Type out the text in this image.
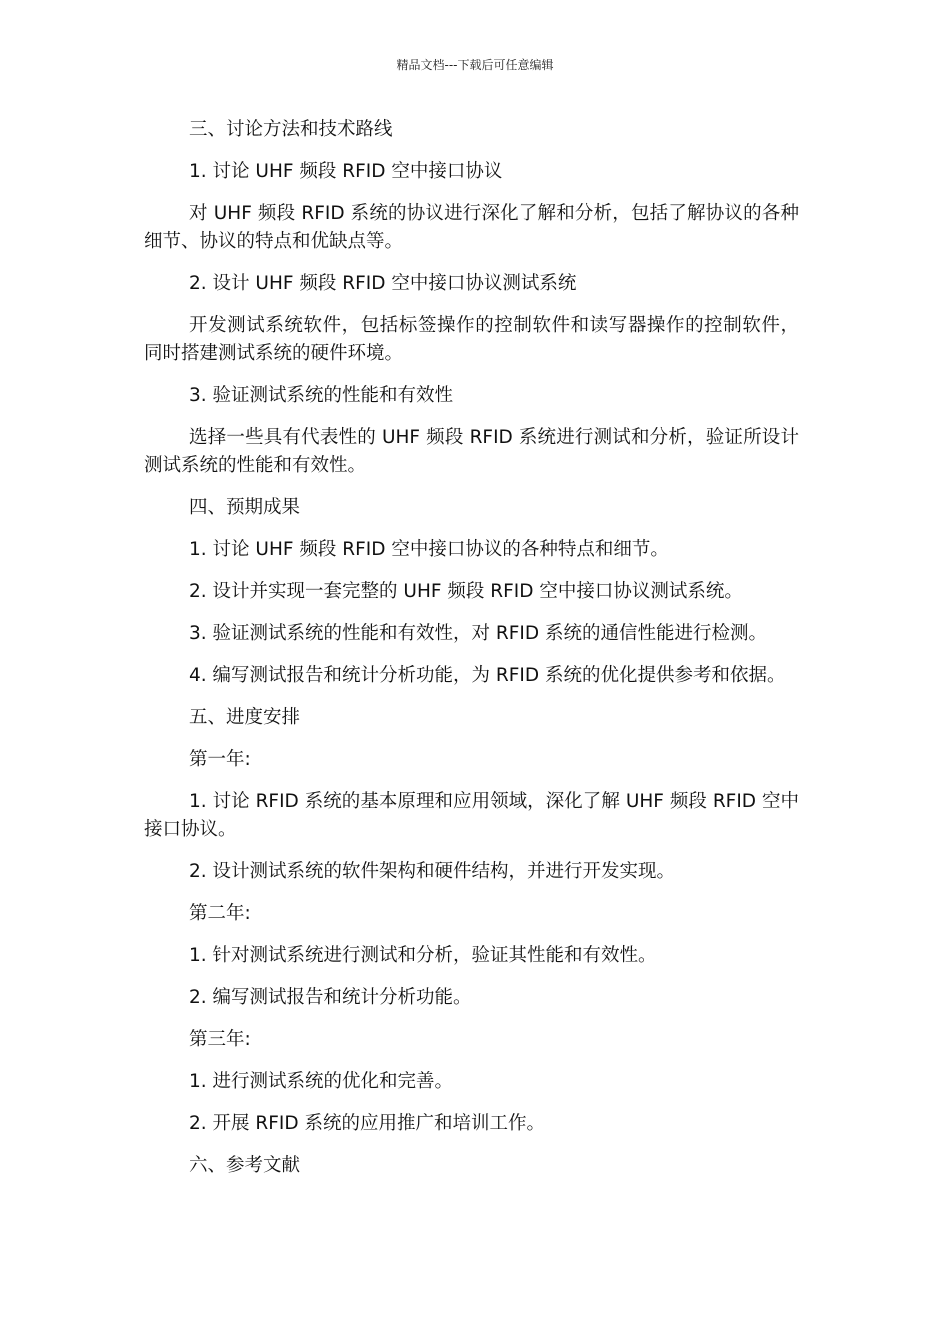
精品文档---下载后可任意编辑

三、讨论方法和技术路线

1. 讨论 UHF 频段 RFID 空中接口协议

对 UHF 频段 RFID 系统的协议进行深化了解和分析，包括了解协议的各种细节、协议的特点和优缺点等。

2. 设计 UHF 频段 RFID 空中接口协议测试系统

开发测试系统软件，包括标签操作的控制软件和读写器操作的控制软件，同时搭建测试系统的硬件环境。

3. 验证测试系统的性能和有效性

选择一些具有代表性的 UHF 频段 RFID 系统进行测试和分析，验证所设计测试系统的性能和有效性。

四、预期成果

1. 讨论 UHF 频段 RFID 空中接口协议的各种特点和细节。

2. 设计并实现一套完整的 UHF 频段 RFID 空中接口协议测试系统。

3. 验证测试系统的性能和有效性，对 RFID 系统的通信性能进行检测。

4. 编写测试报告和统计分析功能，为 RFID 系统的优化提供参考和依据。

五、进度安排

第一年:

1. 讨论 RFID 系统的基本原理和应用领域，深化了解 UHF 频段 RFID 空中接口协议。

2. 设计测试系统的软件架构和硬件结构，并进行开发实现。

第二年:

1. 针对测试系统进行测试和分析，验证其性能和有效性。

2. 编写测试报告和统计分析功能。

第三年:

1. 进行测试系统的优化和完善。

2. 开展 RFID 系统的应用推广和培训工作。

六、参考文献
